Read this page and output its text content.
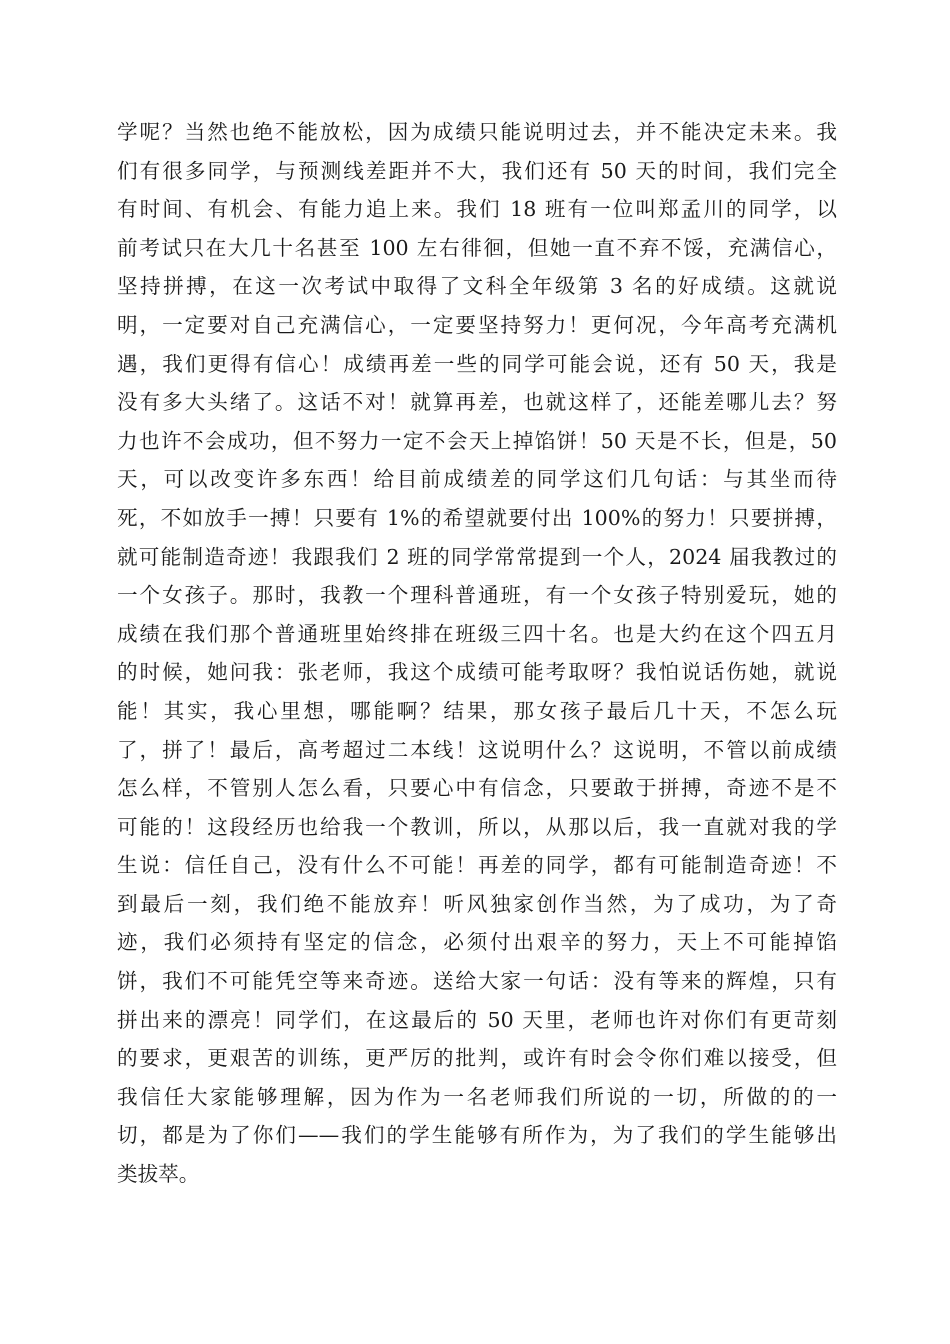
学呢？当然也绝不能放松，因为成绩只能说明过去，并不能决定未来。我
们有很多同学，与预测线差距并不大，我们还有 50 天的时间，我们完全
有时间、有机会、有能力追上来。我们 18 班有一位叫郑孟川的同学，以
前考试只在大几十名甚至 100 左右徘徊，但她一直不弃不馁，充满信心，
坚持拼搏，在这一次考试中取得了文科全年级第 3 名的好成绩。这就说
明，一定要对自己充满信心，一定要坚持努力！更何况，今年高考充满机
遇，我们更得有信心！成绩再差一些的同学可能会说，还有 50 天，我是
没有多大头绪了。这话不对！就算再差，也就这样了，还能差哪儿去？努
力也许不会成功，但不努力一定不会天上掉馅饼！50 天是不长，但是，50
天，可以改变许多东西！给目前成绩差的同学这们几句话：与其坐而待
死，不如放手一搏！只要有 1%的希望就要付出 100%的努力！只要拼搏，
就可能制造奇迹！我跟我们 2 班的同学常常提到一个人，2024 届我教过的
一个女孩子。那时，我教一个理科普通班，有一个女孩子特别爱玩，她的
成绩在我们那个普通班里始终排在班级三四十名。也是大约在这个四五月
的时候，她问我：张老师，我这个成绩可能考取呀？我怕说话伤她，就说
能！其实，我心里想，哪能啊？结果，那女孩子最后几十天，不怎么玩
了，拼了！最后，高考超过二本线！这说明什么？这说明，不管以前成绩
怎么样，不管别人怎么看，只要心中有信念，只要敢于拼搏，奇迹不是不
可能的！这段经历也给我一个教训，所以，从那以后，我一直就对我的学
生说：信任自己，没有什么不可能！再差的同学，都有可能制造奇迹！不
到最后一刻，我们绝不能放弃！听风独家创作当然，为了成功，为了奇
迹，我们必须持有坚定的信念，必须付出艰辛的努力，天上不可能掉馅
饼，我们不可能凭空等来奇迹。送给大家一句话：没有等来的辉煌，只有
拼出来的漂亮！同学们，在这最后的 50 天里，老师也许对你们有更苛刻
的要求，更艰苦的训练，更严厉的批判，或许有时会令你们难以接受，但
我信任大家能够理解，因为作为一名老师我们所说的一切，所做的的一
切，都是为了你们——我们的学生能够有所作为，为了我们的学生能够出
类拔萃。
